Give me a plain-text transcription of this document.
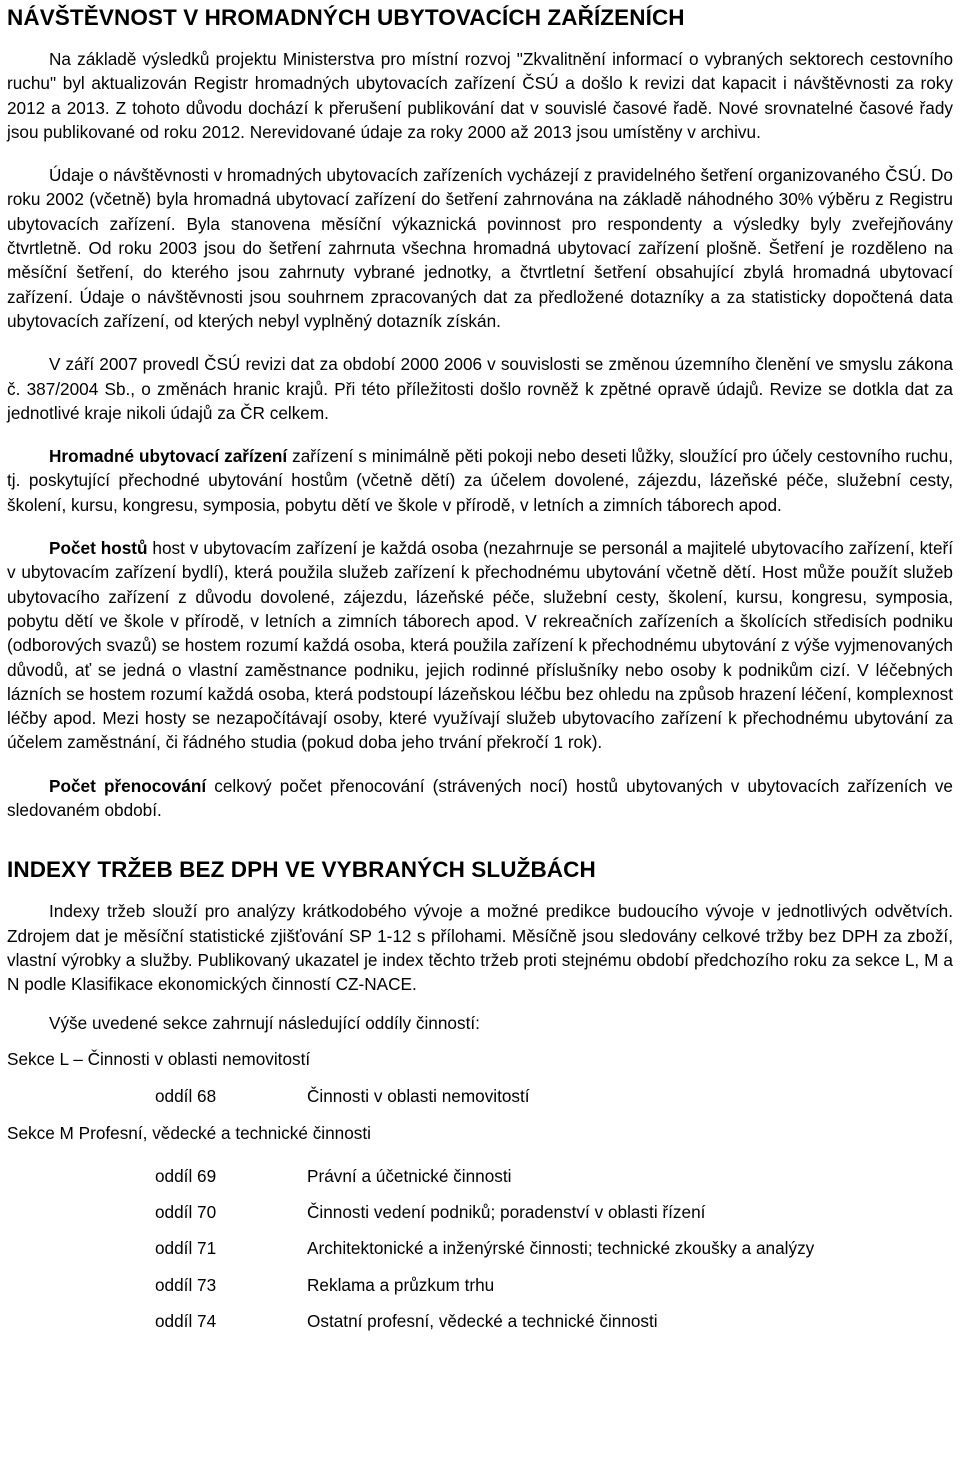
NÁVŠTĚVNOST V HROMADNÝCH UBYTOVACÍCH ZAŘÍZENÍCH

Na základě výsledků projektu Ministerstva pro místní rozvoj "Zkvalitnění informací o vybraných sektorech cestovního ruchu" byl aktualizován Registr hromadných ubytovacích zařízení ČSÚ a došlo k revizi dat kapacit i návštěvnosti za roky 2012 a 2013. Z tohoto důvodu dochází k přerušení publikování dat v souvislé časové řadě. Nové srovnatelné časové řady jsou publikované od roku 2012. Nerevidované údaje za roky 2000 až 2013 jsou umístěny v archivu.

Údaje o návštěvnosti v hromadných ubytovacích zařízeních vycházejí z pravidelného šetření organizovaného ČSÚ. Do roku 2002 (včetně) byla hromadná ubytovací zařízení do šetření zahrnována na základě náhodného 30% výběru z Registru ubytovacích zařízení. Byla stanovena měsíční výkaznická povinnost pro respondenty a výsledky byly zveřejňovány čtvrtletně. Od roku 2003 jsou do šetření zahrnuta všechna hromadná ubytovací zařízení plošně. Šetření je rozděleno na měsíční šetření, do kterého jsou zahrnuty vybrané jednotky, a čtvrtletní šetření obsahující zbylá hromadná ubytovací zařízení. Údaje o návštěvnosti jsou souhrnem zpracovaných dat za předložené dotazníky a za statisticky dopočtená data ubytovacích zařízení, od kterých nebyl vyplněný dotazník získán.

V září 2007 provedl ČSÚ revizi dat za období 2000 2006 v souvislosti se změnou územního členění ve smyslu zákona č. 387/2004 Sb., o změnách hranic krajů. Při této příležitosti došlo rovněž k zpětné opravě údajů. Revize se dotkla dat za jednotlivé kraje nikoli údajů za ČR celkem.

Hromadné ubytovací zařízení zařízení s minimálně pěti pokoji nebo deseti lůžky, sloužící pro účely cestovního ruchu, tj. poskytující přechodné ubytování hostům (včetně dětí) za účelem dovolené, zájezdu, lázeňské péče, služební cesty, školení, kursu, kongresu, symposia, pobytu dětí ve škole v přírodě, v letních a zimních táborech apod.

Počet hostů host v ubytovacím zařízení je každá osoba (nezahrnuje se personál a majitelé ubytovacího zařízení, kteří v ubytovacím zařízení bydlí), která použila služeb zařízení k přechodnému ubytování včetně dětí. Host může použít služeb ubytovacího zařízení z důvodu dovolené, zájezdu, lázeňské péče, služební cesty, školení, kursu, kongresu, symposia, pobytu dětí ve škole v přírodě, v letních a zimních táborech apod. V rekreačních zařízeních a školících středisích podniku (odborových svazů) se hostem rozumí každá osoba, která použila zařízení k přechodnému ubytování z výše vyjmenovaných důvodů, ať se jedná o vlastní zaměstnance podniku, jejich rodinné příslušníky nebo osoby k podnikům cizí. V léčebných lázních se hostem rozumí každá osoba, která podstoupí lázeňskou léčbu bez ohledu na způsob hrazení léčení, komplexnost léčby apod. Mezi hosty se nezapočítávají osoby, které využívají služeb ubytovacího zařízení k přechodnému ubytování za účelem zaměstnání, či řádného studia (pokud doba jeho trvání překročí 1 rok).

Počet přenocování celkový počet přenocování (strávených nocí) hostů ubytovaných v ubytovacích zařízeních ve sledovaném období.

INDEXY TRŽEB BEZ DPH VE VYBRANÝCH SLUŽBÁCH

Indexy tržeb slouží pro analýzy krátkodobého vývoje a možné predikce budoucího vývoje v jednotlivých odvětvích. Zdrojem dat je měsíční statistické zjišťování SP 1-12 s přílohami. Měsíčně jsou sledovány celkové tržby bez DPH za zboží, vlastní výrobky a služby. Publikovaný ukazatel je index těchto tržeb proti stejnému období předchozího roku za sekce L, M a N podle Klasifikace ekonomických činností CZ-NACE.

Výše uvedené sekce zahrnují následující oddíly činností:

Sekce L – Činnosti v oblasti nemovitostí
oddíl 68	Činnosti v oblasti nemovitostí
Sekce M Profesní, vědecké a technické činnosti
oddíl 69	Právní a účetnické činnosti
oddíl 70	Činnosti vedení podniků; poradenství v oblasti řízení
oddíl 71	Architektonické a inženýrské činnosti; technické zkoušky a analýzy
oddíl 73	Reklama a průzkum trhu
oddíl 74	Ostatní profesní, vědecké a technické činnosti
